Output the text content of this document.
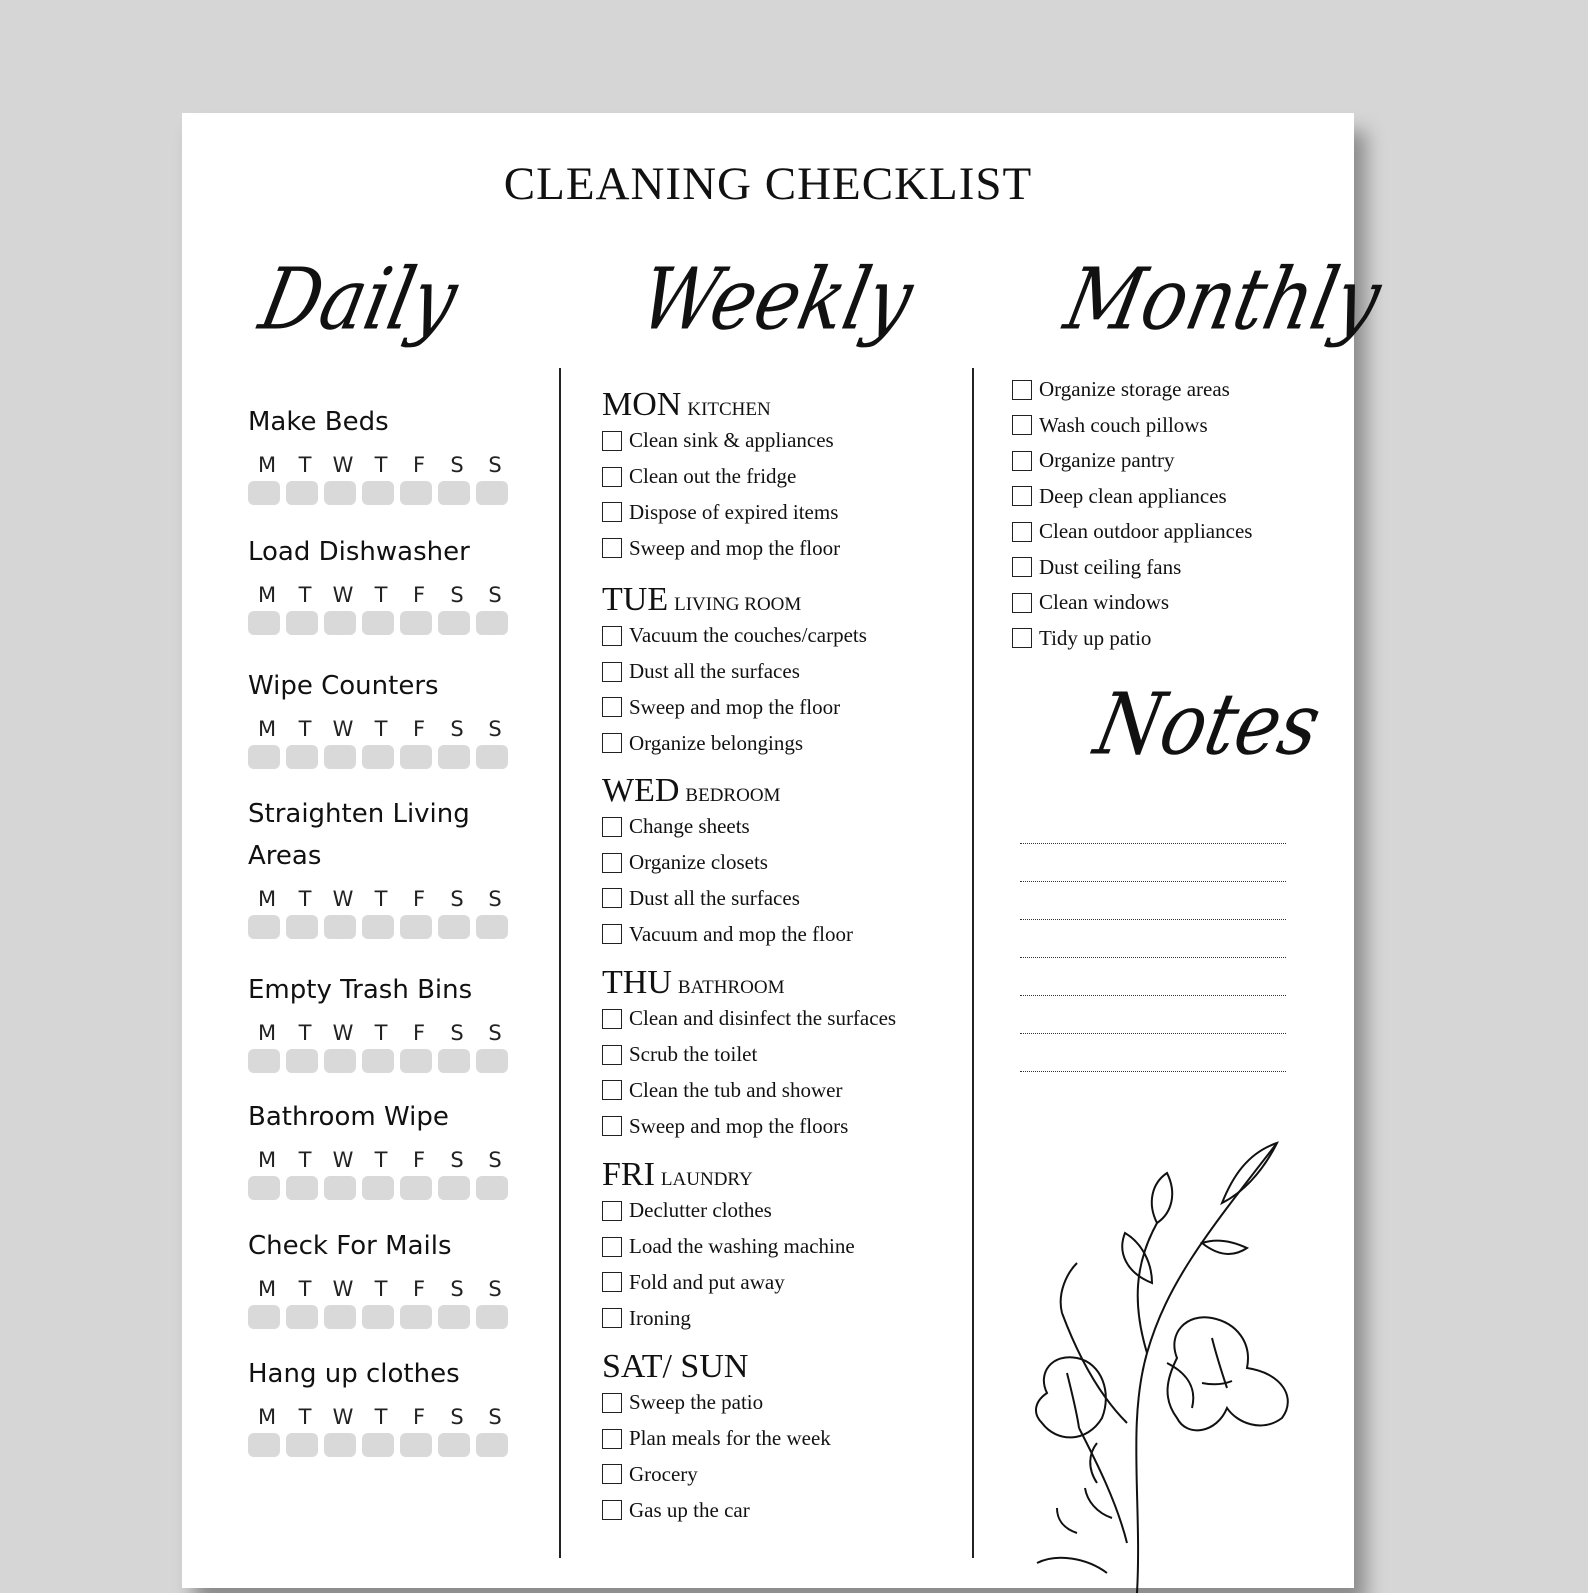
CLEANING CHECKLIST
Daily Weekly Monthly
Notes
Make Beds
M	T	W	T	F	S	S
Load Dishwasher
M	T	W	T	F	S	S
Wipe Counters
M	T	W	T	F	S	S
Straighten Living Areas
M	T	W	T	F	S	S
Empty Trash Bins
M	T	W	T	F	S	S
Bathroom Wipe
M	T	W	T	F	S	S
Check For Mails
M	T	W	T	F	S	S
Hang up clothes
M	T	W	T	F	S	S
MON KITCHEN
Clean sink & appliances
Clean out the fridge
Dispose of expired items
Sweep and mop the floor
TUE LIVING ROOM
Vacuum the couches/carpets
Dust all the surfaces
Sweep and mop the floor
Organize belongings
WED BEDROOM
Change sheets
Organize closets
Dust all the surfaces
Vacuum and mop the floor
THU BATHROOM
Clean and disinfect the surfaces
Scrub the toilet
Clean the tub and shower
Sweep and mop the floors
FRI LAUNDRY
Declutter clothes
Load the washing machine
Fold and put away
Ironing
SAT/ SUN
Sweep the patio
Plan meals for the week
Grocery
Gas up the car
Organize storage areas
Wash couch pillows
Organize pantry
Deep clean appliances
Clean outdoor appliances
Dust ceiling fans
Clean windows
Tidy up patio
